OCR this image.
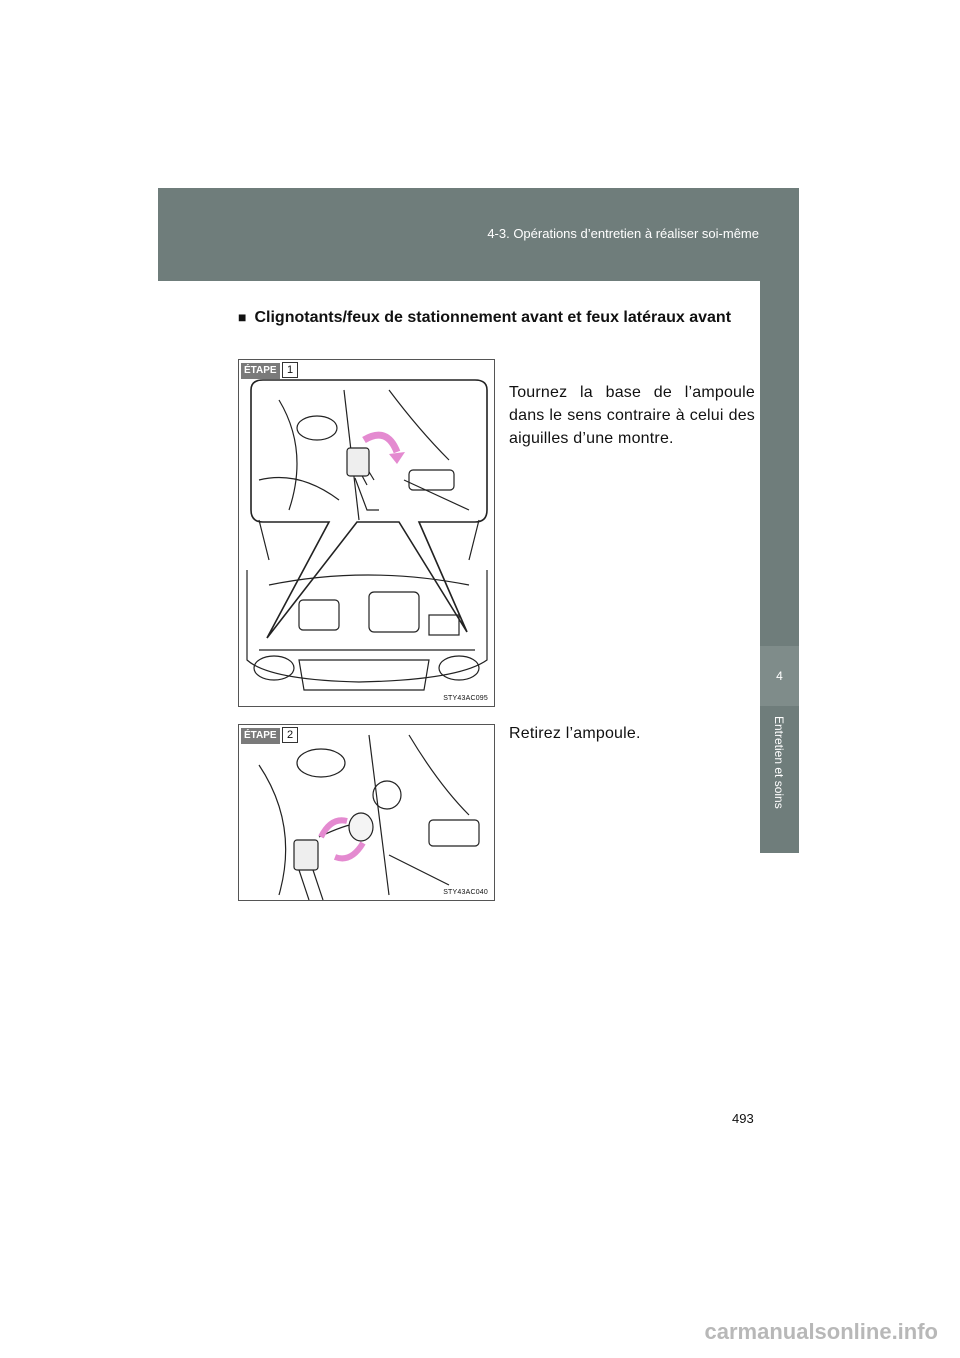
4-3. Opérations d’entretien à réaliser soi-même
4
Entretien et soins
■ Clignotants/feux de stationnement avant et feux latéraux avant
ÉTAPE 1
STY43AC095
Tournez la base de l’ampoule dans le sens contraire à celui des aiguilles d’une montre.
ÉTAPE 2
STY43AC040
Retirez l’ampoule.
493
carmanualsonline.info
